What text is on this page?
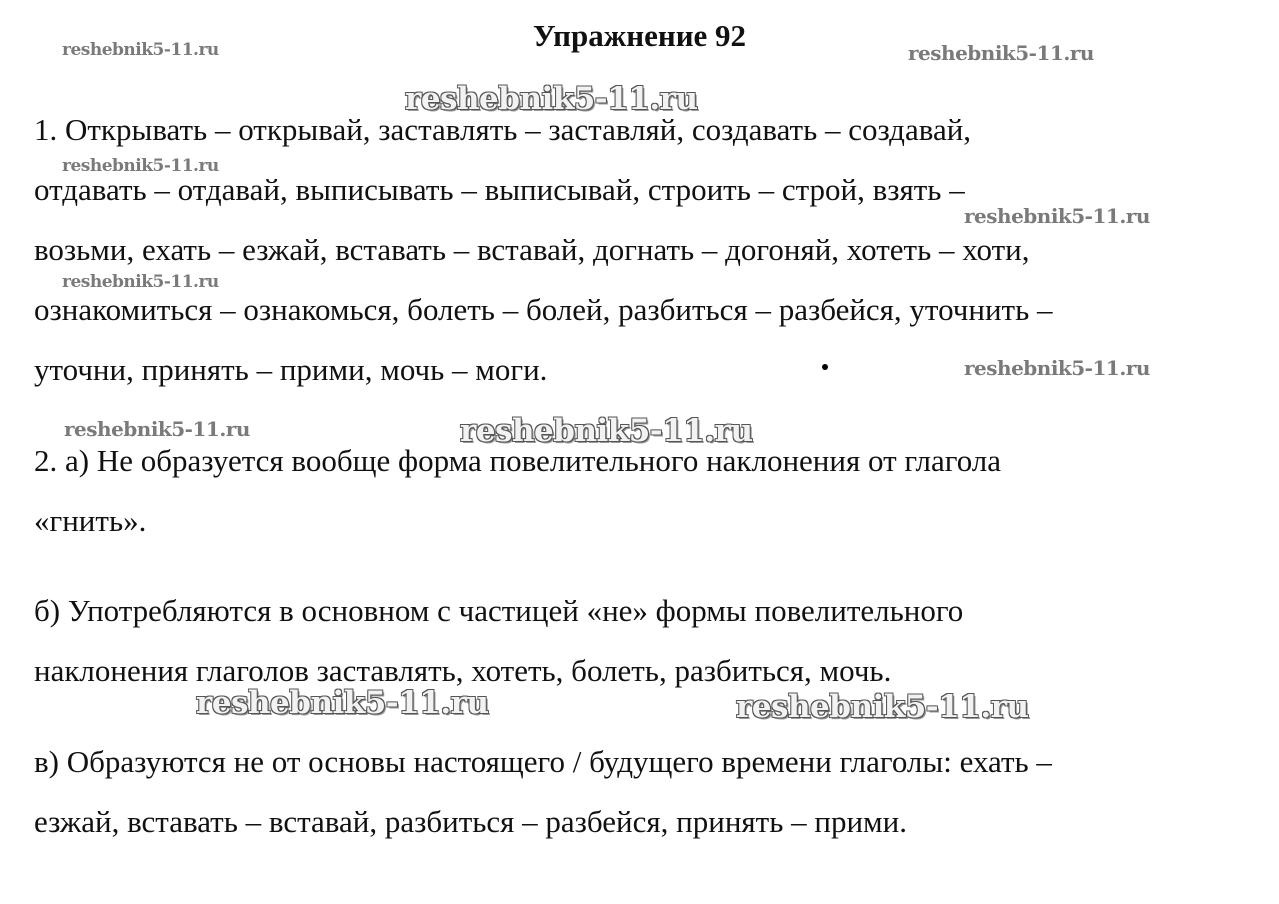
Упражнение 92
1. Открывать – открывай, заставлять – заставляй, создавать – создавай,
отдавать – отдавай, выписывать – выписывай, строить – строй, взять –
возьми, ехать – езжай, вставать – вставай, догнать – догоняй, хотеть – хоти,
ознакомиться – ознакомься, болеть – болей, разбиться – разбейся, уточнить –
уточни, принять – прими, мочь – моги.
2. а) Не образуется вообще форма повелительного наклонения от глагола
«гнить».
б) Употребляются в основном с частицей «не» формы повелительного
наклонения глаголов заставлять, хотеть, болеть, разбиться, мочь.
в) Образуются не от основы настоящего / будущего времени глаголы: ехать –
езжай, вставать – вставай, разбиться – разбейся, принять – прими.
reshebnik5-11.ru	reshebnik5-11.ru
reshebnik5-11.ru
reshebnik5-11.ru
reshebnik5-11.ru
reshebnik5-11.ru
reshebnik5-11.ru
reshebnik5-11.ru	reshebnik5-11.ru
reshebnik5-11.ru	reshebnik5-11.ru
